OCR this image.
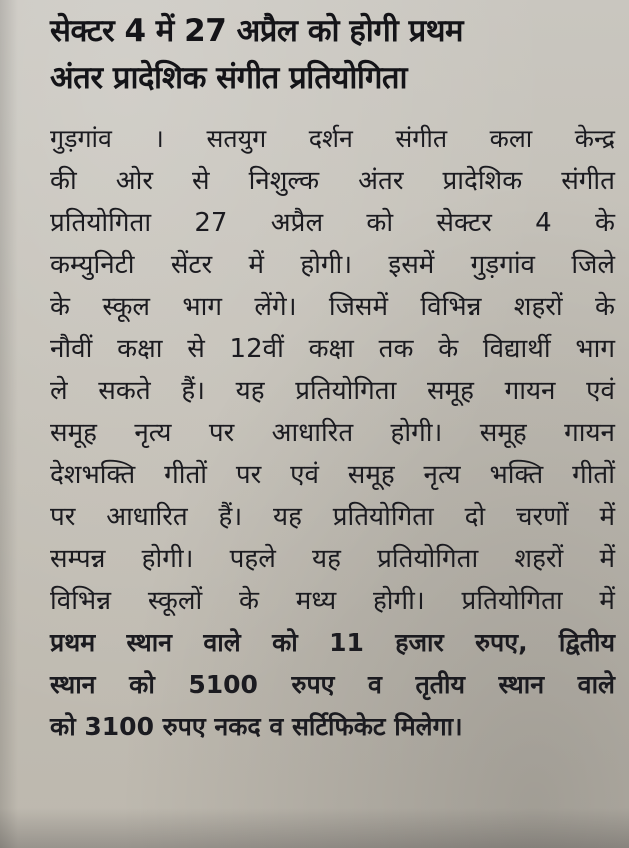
सेक्टर 4 में 27 अप्रैल को होगी प्रथम
अंतर प्रादेशिक संगीत प्रतियोगिता
गुड़गांव । सतयुग दर्शन संगीत कला केन्द्र
की ओर से निशुल्क अंतर प्रादेशिक संगीत
प्रतियोगिता 27 अप्रैल को सेक्टर 4 के
कम्युनिटी सेंटर में होगी। इसमें गुड़गांव जिले
के स्कूल भाग लेंगे। जिसमें विभिन्न शहरों के
नौवीं कक्षा से 12वीं कक्षा तक के विद्यार्थी भाग
ले सकते हैं। यह प्रतियोगिता समूह गायन एवं
समूह नृत्य पर आधारित होगी। समूह गायन
देशभक्ति गीतों पर एवं समूह नृत्य भक्ति गीतों
पर आधारित हैं। यह प्रतियोगिता दो चरणों में
सम्पन्न होगी। पहले यह प्रतियोगिता शहरों में
विभिन्न स्कूलों के मध्य होगी। प्रतियोगिता में
प्रथम स्थान वाले को 11 हजार रुपए, द्वितीय
स्थान को 5100 रुपए व तृतीय स्थान वाले
को 3100 रुपए नकद व सर्टिफिकेट मिलेगा।
